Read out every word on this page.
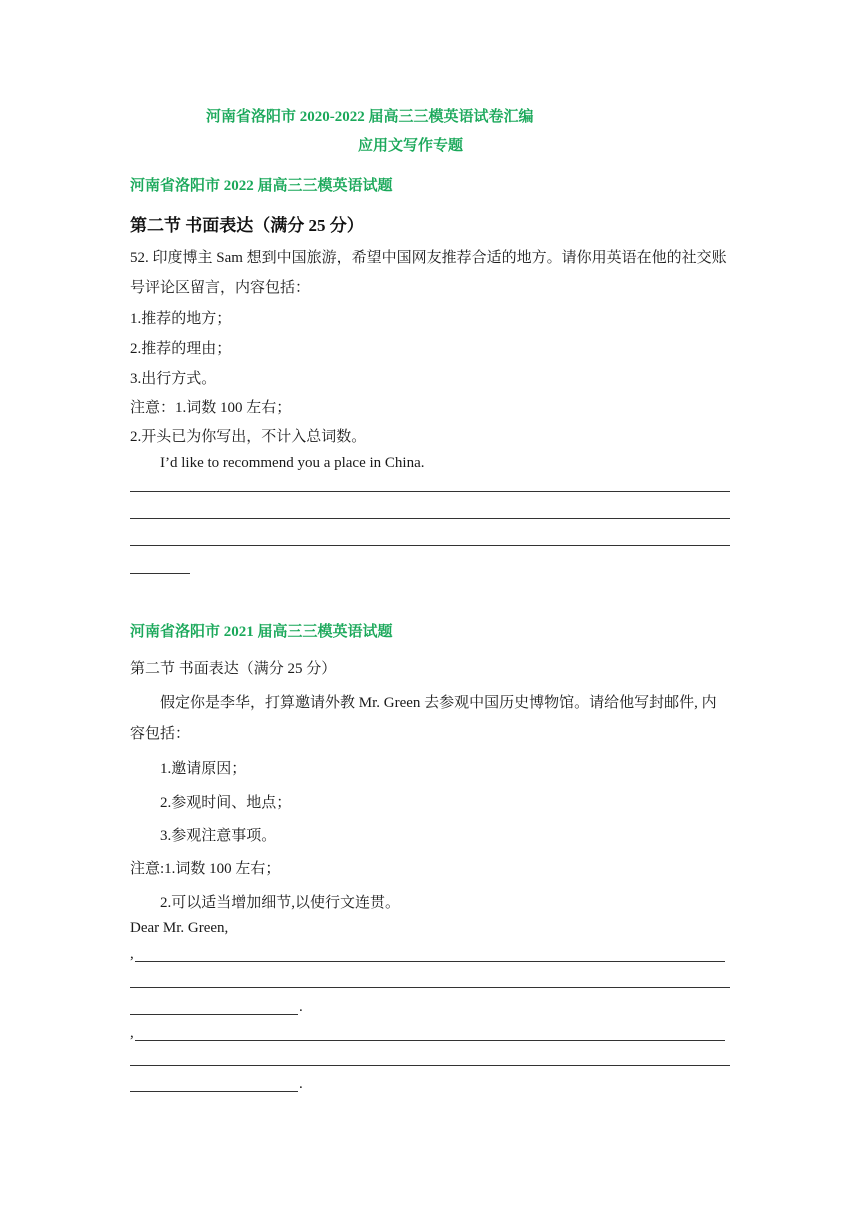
河南省洛阳市 2020-2022 届高三三模英语试卷汇编
应用文写作专题
河南省洛阳市 2022 届高三三模英语试题
第二节 书面表达（满分 25 分）
52. 印度博主 Sam 想到中国旅游，希望中国网友推荐合适的地方。请你用英语在他的社交账
号评论区留言，内容包括：
1.推荐的地方；
2.推荐的理由；
3.出行方式。
注意：1.词数 100 左右；
2.开头已为你写出，不计入总词数。
I’d like to recommend you a place in China.
河南省洛阳市 2021 届高三三模英语试题
第二节 书面表达（满分 25 分）
假定你是李华，打算邀请外教 Mr. Green 去参观中国历史博物馆。请给他写封邮件, 内
容包括：
1.邀请原因；
2.参观时间、地点；
3.参观注意事项。
注意:1.词数 100 左右；
2.可以适当增加细节,以使行文连贯。
Dear Mr. Green,
,
.
,
.
